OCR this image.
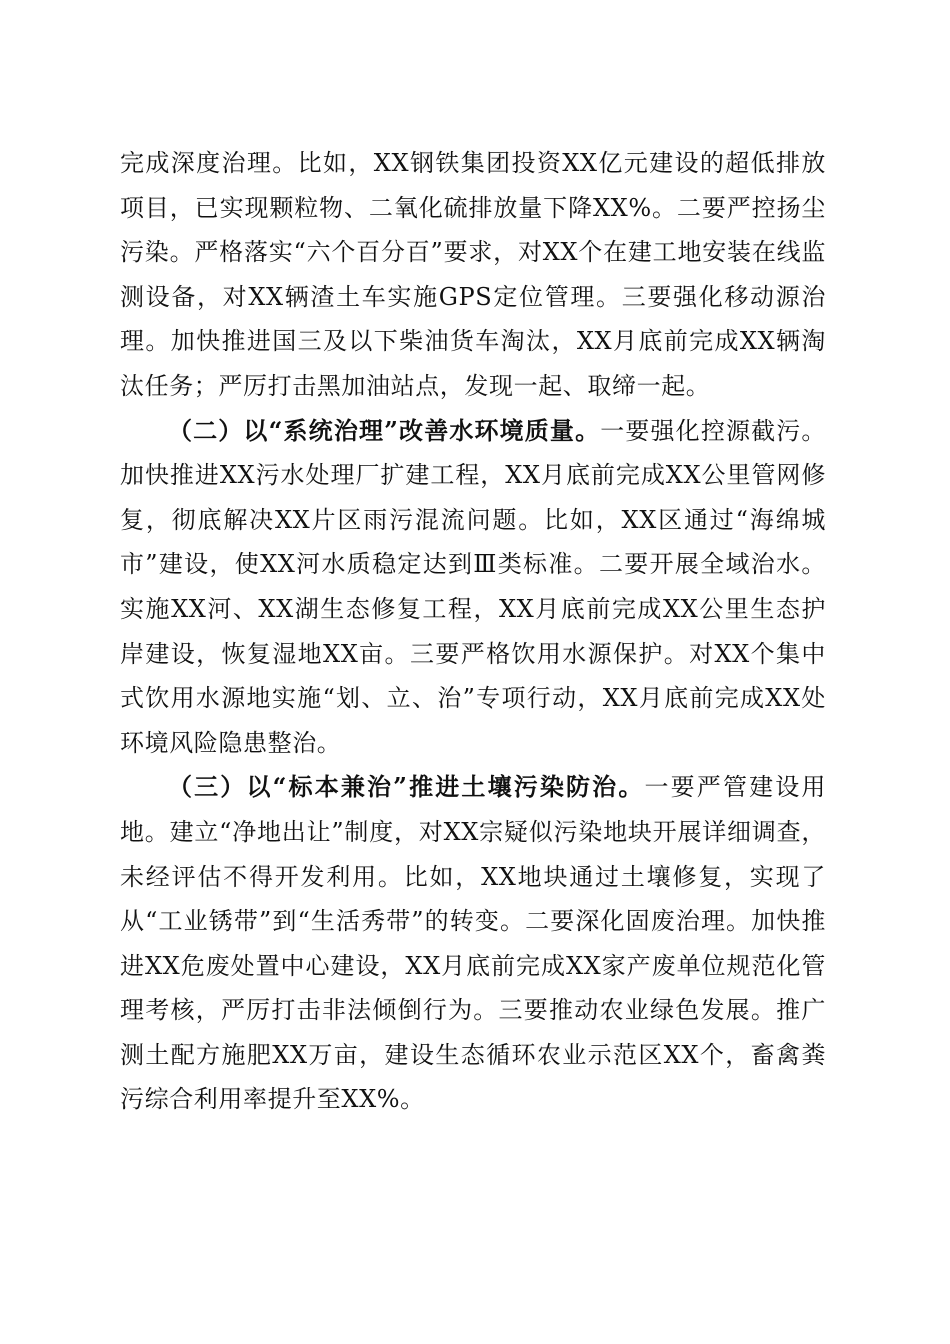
完成深度治理。比如，XX钢铁集团投资XX亿元建设的超低排放项目，已实现颗粒物、二氧化硫排放量下降XX%。二要严控扬尘污染。严格落实“六个百分百”要求，对XX个在建工地安装在线监测设备，对XX辆渣土车实施GPS定位管理。三要强化移动源治理。加快推进国三及以下柴油货车淘汰，XX月底前完成XX辆淘汰任务；严厉打击黑加油站点，发现一起、取缔一起。

（二）以“系统治理”改善水环境质量。一要强化控源截污。加快推进XX污水处理厂扩建工程，XX月底前完成XX公里管网修复，彻底解决XX片区雨污混流问题。比如，XX区通过“海绵城市”建设，使XX河水质稳定达到Ⅲ类标准。二要开展全域治水。实施XX河、XX湖生态修复工程，XX月底前完成XX公里生态护岸建设，恢复湿地XX亩。三要严格饮用水源保护。对XX个集中式饮用水源地实施“划、立、治”专项行动，XX月底前完成XX处环境风险隐患整治。

（三）以“标本兼治”推进土壤污染防治。一要严管建设用地。建立“净地出让”制度，对XX宗疑似污染地块开展详细调查，未经评估不得开发利用。比如，XX地块通过土壤修复，实现了从“工业锈带”到“生活秀带”的转变。二要深化固废治理。加快推进XX危废处置中心建设，XX月底前完成XX家产废单位规范化管理考核，严厉打击非法倾倒行为。三要推动农业绿色发展。推广测土配方施肥XX万亩，建设生态循环农业示范区XX个，畜禽粪污综合利用率提升至XX%。
